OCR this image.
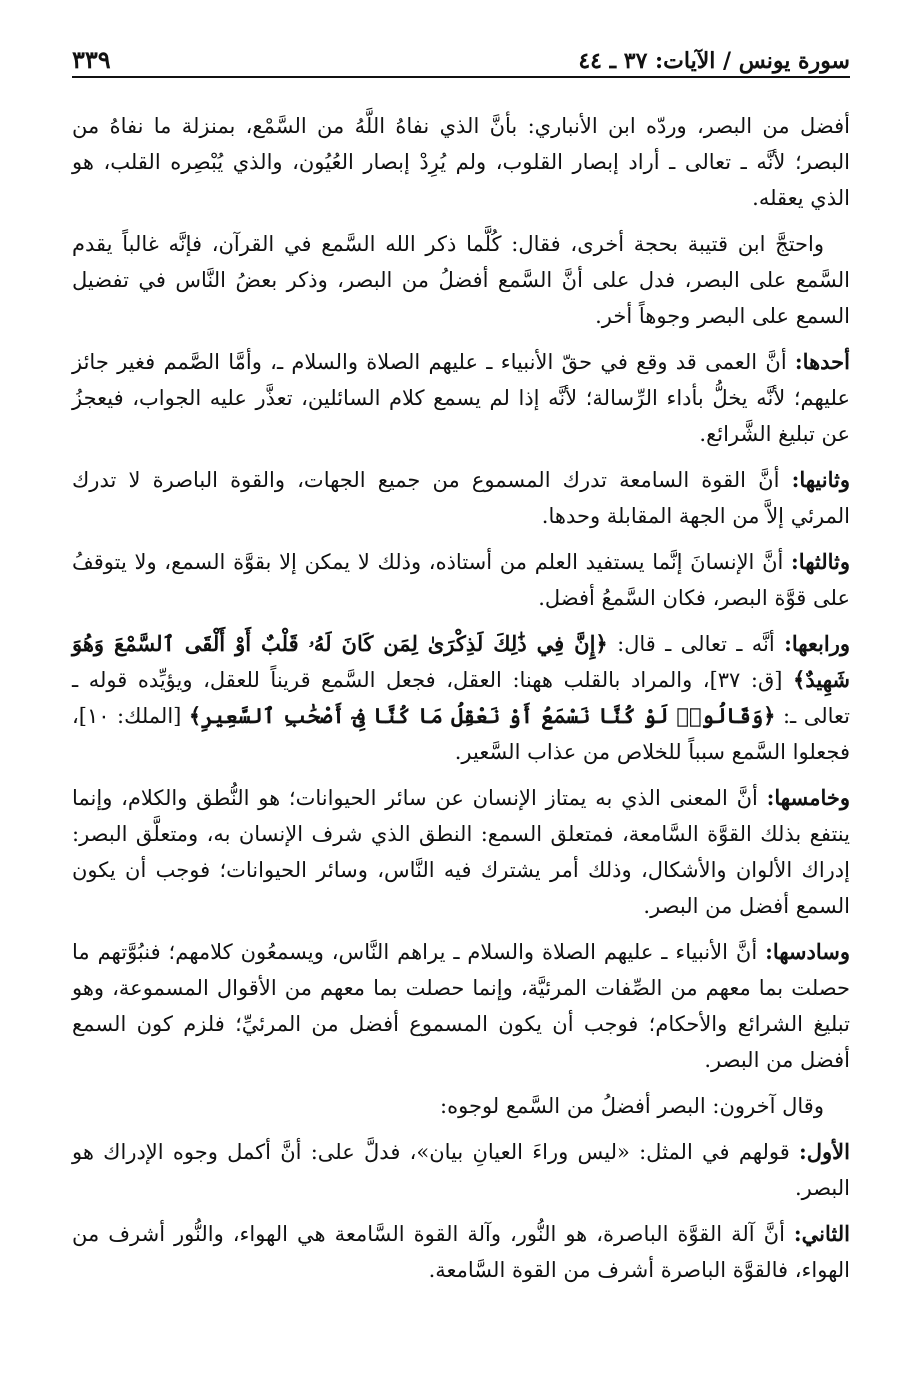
سورة يونس / الآيات: ٣٧ ـ ٤٤
٣٣٩

أفضل من البصر، وردّه ابن الأنباري: بأنَّ الذي نفاهُ اللَّهُ من السَّمْع، بمنزلة ما نفاهُ من البصر؛ لأنَّه ـ تعالى ـ أراد إبصار القلوب، ولم يُرِدْ إبصار العُيُون، والذي يُبْصِره القلب، هو الذي يعقله.

واحتجَّ ابن قتيبة بحجة أخرى، فقال: كُلَّما ذكر الله السَّمع في القرآن، فإنَّه غالباً يقدم السَّمع على البصر، فدل على أنَّ السَّمع أفضلُ من البصر، وذكر بعضُ النَّاس في تفضيل السمع على البصر وجوهاً أخر.

أحدها: أنَّ العمى قد وقع في حقّ الأنبياء ـ عليهم الصلاة والسلام ـ، وأمَّا الصَّمم فغير جائز عليهم؛ لأنَّه يخلُّ بأداء الرِّسالة؛ لأنَّه إذا لم يسمع كلام السائلين، تعذَّر عليه الجواب، فيعجزُ عن تبليغ الشَّرائع.

وثانيها: أنَّ القوة السامعة تدرك المسموع من جميع الجهات، والقوة الباصرة لا تدرك المرئي إلاَّ من الجهة المقابلة وحدها.

وثالثها: أنَّ الإنسانَ إنَّما يستفيد العلم من أستاذه، وذلك لا يمكن إلا بقوَّة السمع، ولا يتوقفُ على قوَّة البصر، فكان السَّمعُ أفضل.

ورابعها: أنَّه ـ تعالى ـ قال: ﴿إِنَّ فِي ذَٰلِكَ لَذِكْرَىٰ لِمَن كَانَ لَهُۥ قَلْبٌ أَوْ أَلْقَى ٱلسَّمْعَ وَهُوَ شَهِيدٌ﴾ [ق: ٣٧]، والمراد بالقلب ههنا: العقل، فجعل السَّمع قريناً للعقل، ويؤيِّده قوله ـ تعالى ـ: ﴿وَقَالُوا۟ لَوْ كُنَّا نَسْمَعُ أَوْ نَعْقِلُ مَا كُنَّا فِىٓ أَصْحَٰبِ ٱلسَّعِيرِ﴾ [الملك: ١٠]، فجعلوا السَّمع سبباً للخلاص من عذاب السَّعير.

وخامسها: أنَّ المعنى الذي به يمتاز الإنسان عن سائر الحيوانات؛ هو النُّطق والكلام، وإنما ينتفع بذلك القوَّة السَّامعة، فمتعلق السمع: النطق الذي شرف الإنسان به، ومتعلَّق البصر: إدراك الألوان والأشكال، وذلك أمر يشترك فيه النَّاس، وسائر الحيوانات؛ فوجب أن يكون السمع أفضل من البصر.

وسادسها: أنَّ الأنبياء ـ عليهم الصلاة والسلام ـ يراهم النَّاس، ويسمعُون كلامهم؛ فنبُوَّتهم ما حصلت بما معهم من الصِّفات المرئيَّة، وإنما حصلت بما معهم من الأقوال المسموعة، وهو تبليغ الشرائع والأحكام؛ فوجب أن يكون المسموع أفضل من المرئيِّ؛ فلزم كون السمع أفضل من البصر.

وقال آخرون: البصر أفضلُ من السَّمع لوجوه:

الأول: قولهم في المثل: «ليس وراءَ العيانِ بيان»، فدلَّ على: أنَّ أكمل وجوه الإدراك هو البصر.

الثاني: أنَّ آلة القوَّة الباصرة، هو النُّور، وآلة القوة السَّامعة هي الهواء، والنُّور أشرف من الهواء، فالقوَّة الباصرة أشرف من القوة السَّامعة.
